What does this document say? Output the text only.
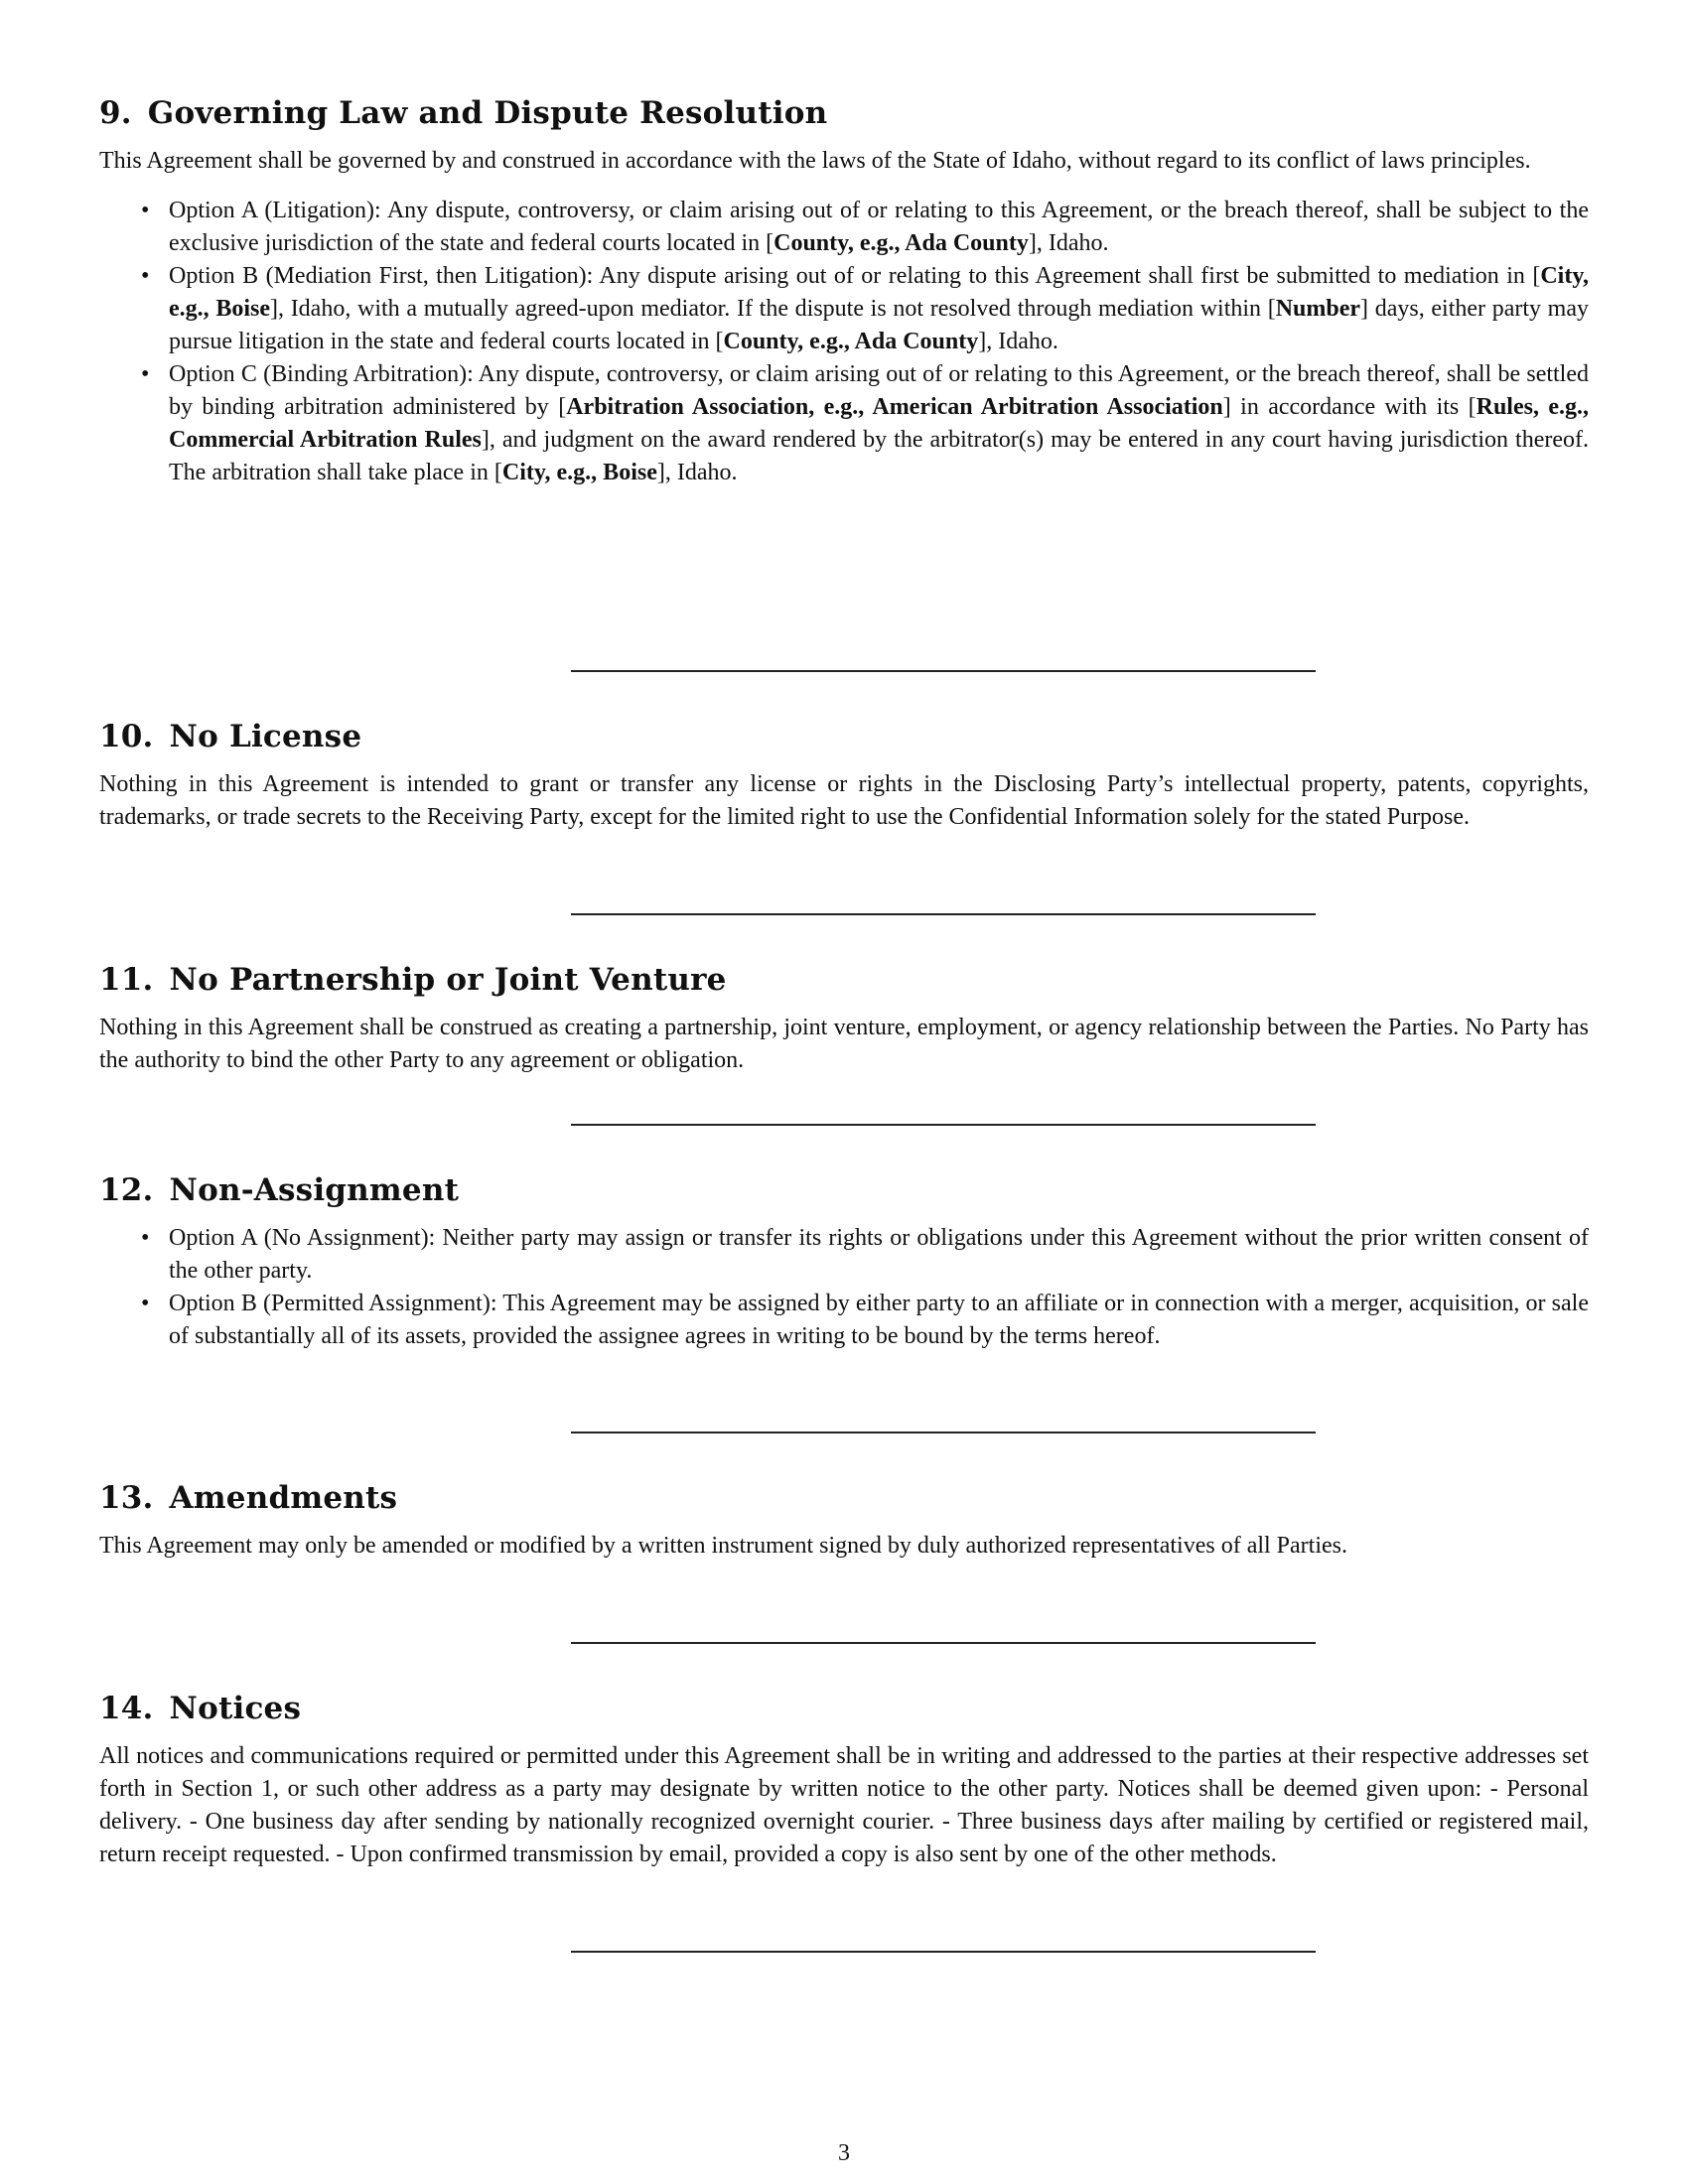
9. Governing Law and Dispute Resolution

This Agreement shall be governed by and construed in accordance with the laws of the State of Idaho, without regard to its conflict of laws principles.

• Option A (Litigation): Any dispute, controversy, or claim arising out of or relating to this Agreement, or the breach thereof, shall be subject to the exclusive jurisdiction of the state and federal courts located in [County, e.g., Ada County], Idaho.
• Option B (Mediation First, then Litigation): Any dispute arising out of or relating to this Agreement shall first be submitted to mediation in [City, e.g., Boise], Idaho, with a mutually agreed-upon mediator. If the dispute is not resolved through mediation within [Number] days, either party may pursue litigation in the state and federal courts located in [County, e.g., Ada County], Idaho.
• Option C (Binding Arbitration): Any dispute, controversy, or claim arising out of or relating to this Agreement, or the breach thereof, shall be settled by binding arbitration administered by [Arbitration Association, e.g., American Arbitration Association] in accordance with its [Rules, e.g., Commercial Arbitration Rules], and judgment on the award rendered by the arbitrator(s) may be entered in any court having jurisdiction thereof. The arbitration shall take place in [City, e.g., Boise], Idaho.
10. No License

Nothing in this Agreement is intended to grant or transfer any license or rights in the Disclosing Party’s intellectual property, patents, copyrights, trademarks, or trade secrets to the Receiving Party, except for the limited right to use the Confidential Information solely for the stated Purpose.

11. No Partnership or Joint Venture

Nothing in this Agreement shall be construed as creating a partnership, joint venture, employment, or agency relationship between the Parties. No Party has the authority to bind the other Party to any agreement or obligation.

12. Non-Assignment
• Option A (No Assignment): Neither party may assign or transfer its rights or obligations under this Agreement without the prior written consent of the other party.
• Option B (Permitted Assignment): This Agreement may be assigned by either party to an affiliate or in connection with a merger, acquisition, or sale of substantially all of its assets, provided the assignee agrees in writing to be bound by the terms hereof.
13. Amendments

This Agreement may only be amended or modified by a written instrument signed by duly authorized representatives of all Parties.

14. Notices

All notices and communications required or permitted under this Agreement shall be in writing and addressed to the parties at their respective addresses set forth in Section 1, or such other address as a party may designate by written notice to the other party. Notices shall be deemed given upon: - Personal delivery. - One business day after sending by nationally recognized overnight courier. - Three business days after mailing by certified or registered mail, return receipt requested. - Upon confirmed transmission by email, provided a copy is also sent by one of the other methods.

3
